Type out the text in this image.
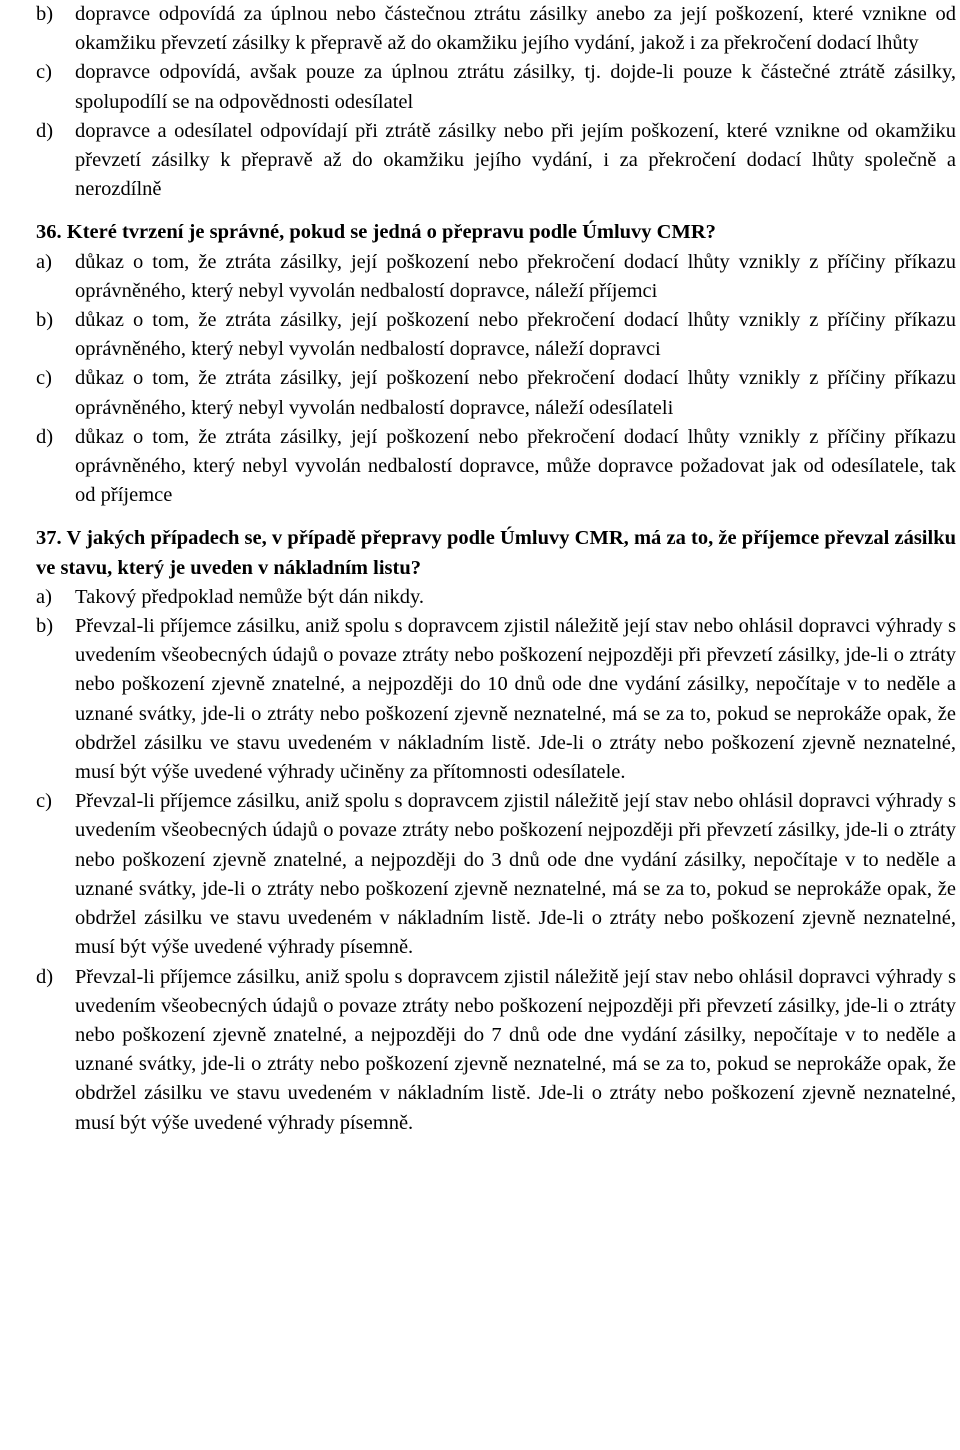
b)	dopravce odpovídá za úplnou nebo částečnou ztrátu zásilky anebo za její poškození, které vznikne od okamžiku převzetí zásilky k přepravě až do okamžiku jejího vydání, jakož i za překročení dodací lhůty
c)	dopravce odpovídá, avšak pouze za úplnou ztrátu zásilky, tj. dojde-li pouze k částečné ztrátě zásilky, spolupodílí se na odpovědnosti odesílatel
d)	dopravce a odesílatel odpovídají při ztrátě zásilky nebo při jejím poškození, které vznikne od okamžiku převzetí zásilky k přepravě až do okamžiku jejího vydání, i za překročení dodací lhůty společně a nerozdílně
36. Které tvrzení je správné, pokud se jedná o přepravu podle Úmluvy CMR?
a)	důkaz o tom, že ztráta zásilky, její poškození nebo překročení dodací lhůty vznikly z příčiny příkazu oprávněného, který nebyl vyvolán nedbalostí dopravce, náleží příjemci
b)	důkaz o tom, že ztráta zásilky, její poškození nebo překročení dodací lhůty vznikly z příčiny příkazu oprávněného, který nebyl vyvolán nedbalostí dopravce, náleží dopravci
c)	důkaz o tom, že ztráta zásilky, její poškození nebo překročení dodací lhůty vznikly z příčiny příkazu oprávněného, který nebyl vyvolán nedbalostí dopravce, náleží odesílateli
d)	důkaz o tom, že ztráta zásilky, její poškození nebo překročení dodací lhůty vznikly z příčiny příkazu oprávněného, který nebyl vyvolán nedbalostí dopravce, může dopravce požadovat jak od odesílatele, tak od příjemce
37. V jakých případech se, v případě přepravy podle Úmluvy CMR, má za to, že příjemce převzal zásilku ve stavu, který je uveden v nákladním listu?
a)	Takový předpoklad nemůže být dán nikdy.
b)	Převzal-li příjemce zásilku, aniž spolu s dopravcem zjistil náležitě její stav nebo ohlásil dopravci výhrady s uvedením všeobecných údajů o povaze ztráty nebo poškození nejpozději při převzetí zásilky, jde-li o ztráty nebo poškození zjevně znatelné, a nejpozději do 10 dnů ode dne vydání zásilky, nepočítaje v to neděle a uznané svátky, jde-li o ztráty nebo poškození zjevně neznatelné, má se za to, pokud se neprokáže opak, že obdržel zásilku ve stavu uvedeném v nákladním listě. Jde-li o ztráty nebo poškození zjevně neznatelné, musí být výše uvedené výhrady učiněny za přítomnosti odesílatele.
c)	Převzal-li příjemce zásilku, aniž spolu s dopravcem zjistil náležitě její stav nebo ohlásil dopravci výhrady s uvedením všeobecných údajů o povaze ztráty nebo poškození nejpozději při převzetí zásilky, jde-li o ztráty nebo poškození zjevně znatelné, a nejpozději do 3 dnů ode dne vydání zásilky, nepočítaje v to neděle a uznané svátky, jde-li o ztráty nebo poškození zjevně neznatelné, má se za to, pokud se neprokáže opak, že obdržel zásilku ve stavu uvedeném v nákladním listě. Jde-li o ztráty nebo poškození zjevně neznatelné, musí být výše uvedené výhrady písemně.
d)	Převzal-li příjemce zásilku, aniž spolu s dopravcem zjistil náležitě její stav nebo ohlásil dopravci výhrady s uvedením všeobecných údajů o povaze ztráty nebo poškození nejpozději při převzetí zásilky, jde-li o ztráty nebo poškození zjevně znatelné, a nejpozději do 7 dnů ode dne vydání zásilky, nepočítaje v to neděle a uznané svátky, jde-li o ztráty nebo poškození zjevně neznatelné, má se za to, pokud se neprokáže opak, že obdržel zásilku ve stavu uvedeném v nákladním listě. Jde-li o ztráty nebo poškození zjevně neznatelné, musí být výše uvedené výhrady písemně.
